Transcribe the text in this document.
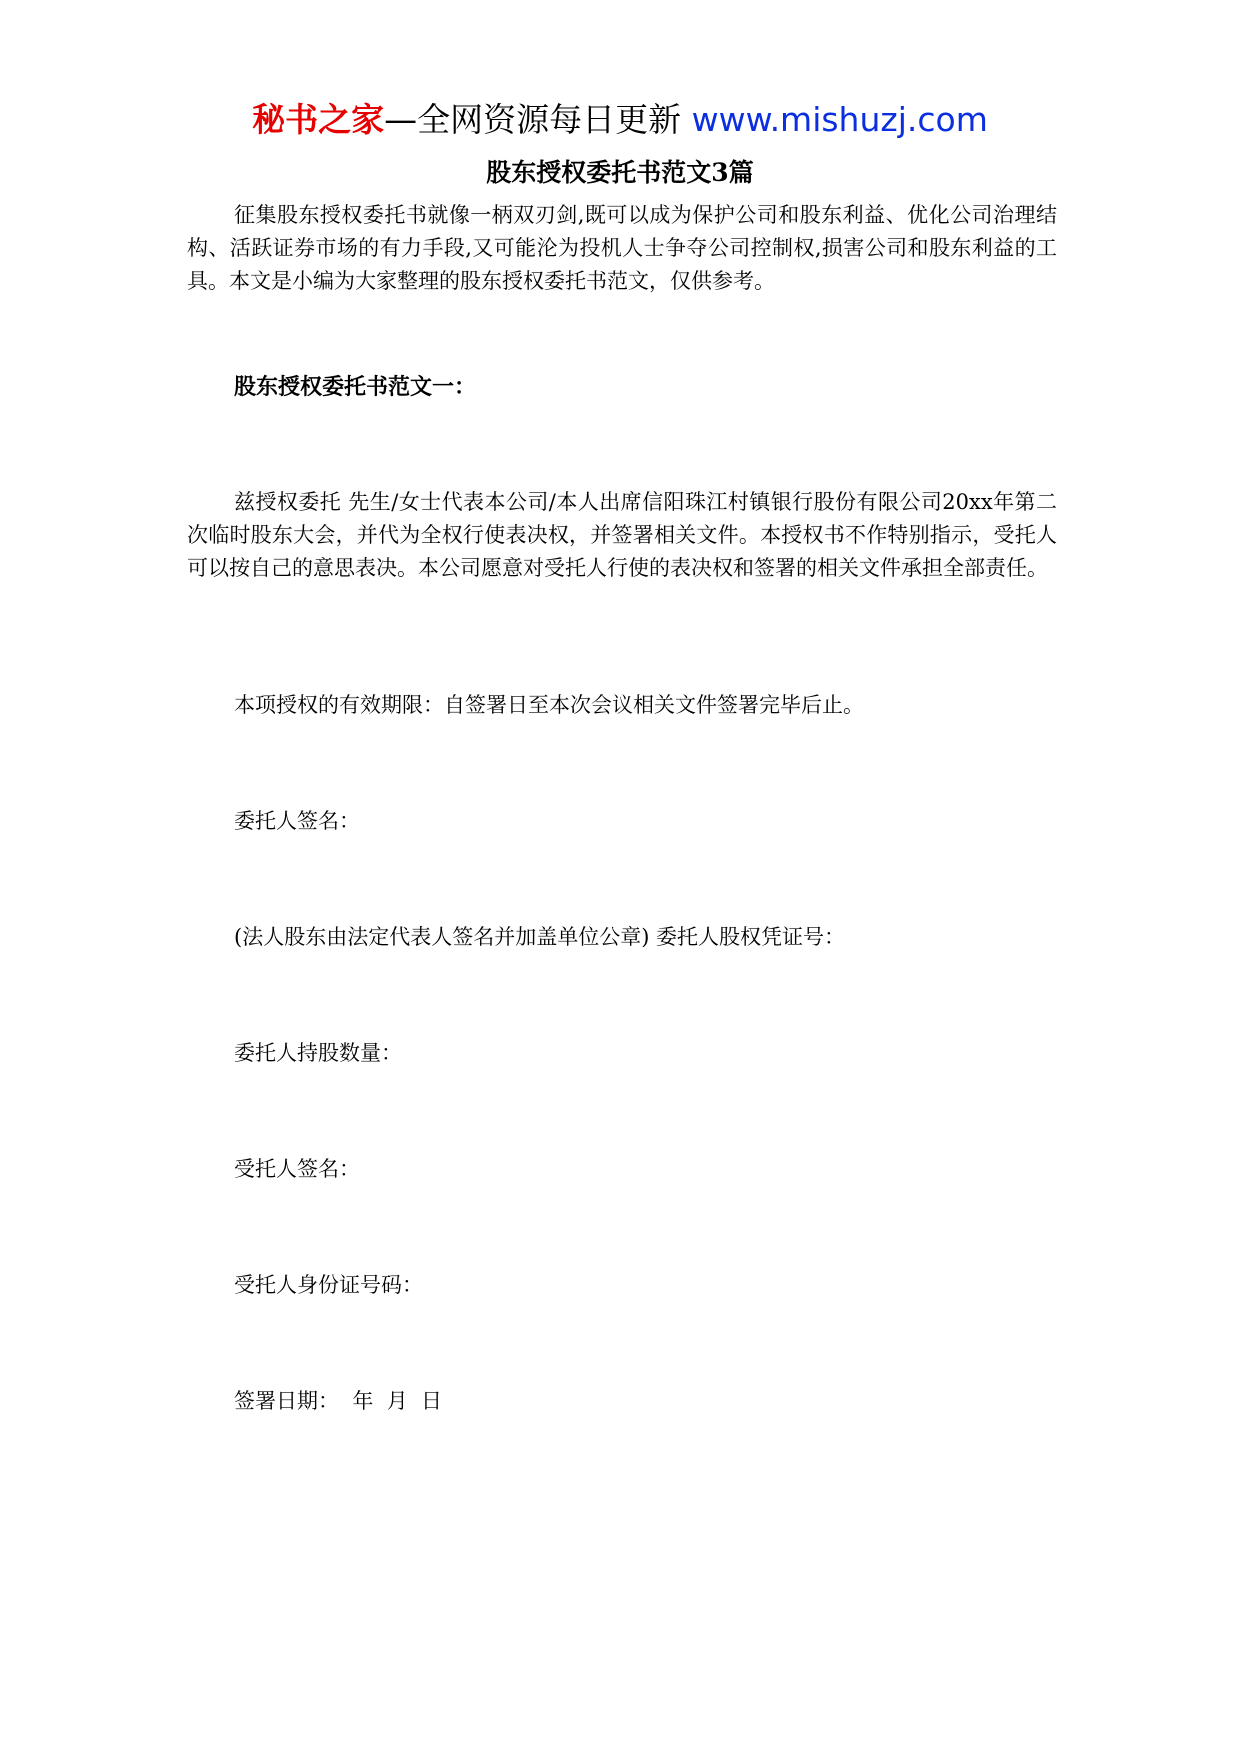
秘书之家—全网资源每日更新 www.mishuzj.com
股东授权委托书范文3篇

征集股东授权委托书就像一柄双刃剑,既可以成为保护公司和股东利益、优化公司治理结构、活跃证券市场的有力手段,又可能沦为投机人士争夺公司控制权,损害公司和股东利益的工具。本文是小编为大家整理的股东授权委托书范文，仅供参考。

股东授权委托书范文一：

兹授权委托 先生/女士代表本公司/本人出席信阳珠江村镇银行股份有限公司20xx年第二次临时股东大会，并代为全权行使表决权，并签署相关文件。本授权书不作特别指示，受托人可以按自己的意思表决。本公司愿意对受托人行使的表决权和签署的相关文件承担全部责任。

本项授权的有效期限：自签署日至本次会议相关文件签署完毕后止。

委托人签名：

(法人股东由法定代表人签名并加盖单位公章) 委托人股权凭证号：

委托人持股数量：

受托人签名：

受托人身份证号码：

签署日期：  年  月  日
